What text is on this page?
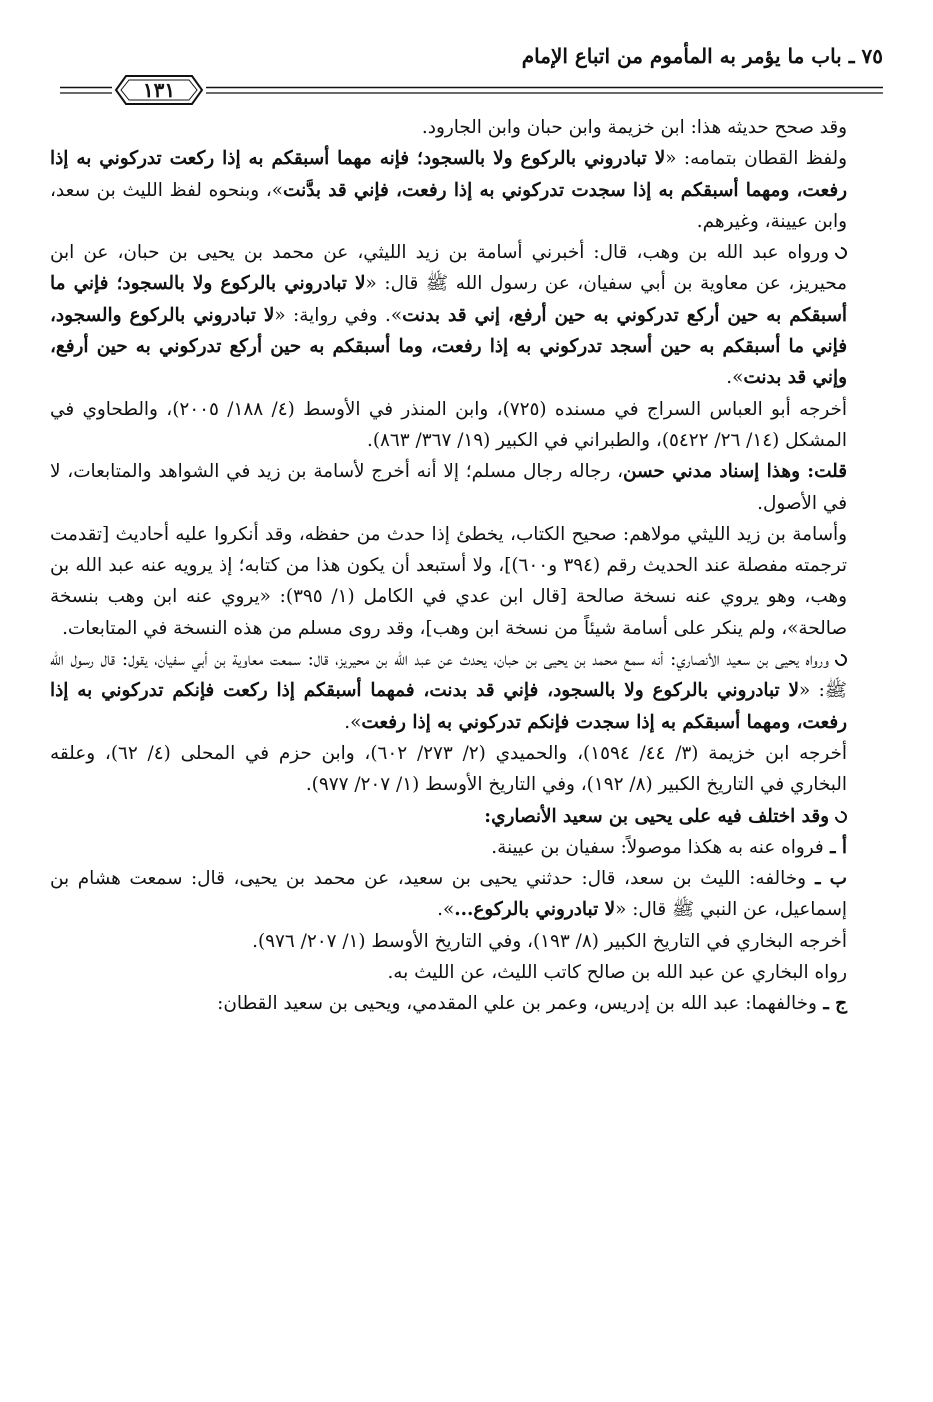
٧٥ ـ باب ما يؤمر به المأموم من اتباع الإمام
١٣١

وقد صحح حديثه هذا: ابن خزيمة وابن حبان وابن الجارود.

ولفظ القطان بتمامه: «لا تبادروني بالركوع ولا بالسجود؛ فإنه مهما أسبقكم به إذا ركعت تدركوني به إذا رفعت، ومهما أسبقكم به إذا سجدت تدركوني به إذا رفعت، فإني قد بدَّنت»، وبنحوه لفظ الليث بن سعد، وابن عيينة، وغيرهم.

ورواه عبد الله بن وهب، قال: أخبرني أسامة بن زيد الليثي، عن محمد بن يحيى بن حبان، عن ابن محيريز، عن معاوية بن أبي سفيان، عن رسول الله ﷺ قال: «لا تبادروني بالركوع ولا بالسجود؛ فإني ما أسبقكم به حين أركع تدركوني به حين أرفع، إني قد بدنت». وفي رواية: «لا تبادروني بالركوع والسجود، فإني ما أسبقكم به حين أسجد تدركوني به إذا رفعت، وما أسبقكم به حين أركع تدركوني به حين أرفع، وإني قد بدنت».

أخرجه أبو العباس السراج في مسنده (٧٢٥)، وابن المنذر في الأوسط (٤/ ١٨٨/ ٢٠٠٥)، والطحاوي في المشكل (١٤/ ٢٦/ ٥٤٢٢)، والطبراني في الكبير (١٩/ ٣٦٧/ ٨٦٣).

قلت: وهذا إسناد مدني حسن، رجاله رجال مسلم؛ إلا أنه أخرج لأسامة بن زيد في الشواهد والمتابعات، لا في الأصول.

وأسامة بن زيد الليثي مولاهم: صحيح الكتاب، يخطئ إذا حدث من حفظه، وقد أنكروا عليه أحاديث [تقدمت ترجمته مفصلة عند الحديث رقم (٣٩٤ و٦٠٠)]، ولا أستبعد أن يكون هذا من كتابه؛ إذ يرويه عنه عبد الله بن وهب، وهو يروي عنه نسخة صالحة [قال ابن عدي في الكامل (١/ ٣٩٥): «يروي عنه ابن وهب بنسخة صالحة»، ولم ينكر على أسامة شيئاً من نسخة ابن وهب]، وقد روى مسلم من هذه النسخة في المتابعات.

ورواه يحيى بن سعيد الأنصاري: أنه سمع محمد بن يحيى بن حبان، يحدث عن عبد الله بن محيريز، قال: سمعت معاوية بن أبي سفيان، يقول: قال رسول الله ﷺ: «لا تبادروني بالركوع ولا بالسجود، فإني قد بدنت، فمهما أسبقكم إذا ركعت فإنكم تدركوني به إذا رفعت، ومهما أسبقكم به إذا سجدت فإنكم تدركوني به إذا رفعت».

أخرجه ابن خزيمة (٣/ ٤٤/ ١٥٩٤)، والحميدي (٢/ ٢٧٣/ ٦٠٢)، وابن حزم في المحلى (٤/ ٦٢)، وعلقه البخاري في التاريخ الكبير (٨/ ١٩٢)، وفي التاريخ الأوسط (١/ ٢٠٧/ ٩٧٧).

وقد اختلف فيه على يحيى بن سعيد الأنصاري:

أ ـ فرواه عنه به هكذا موصولاً: سفيان بن عيينة.

ب ـ وخالفه: الليث بن سعد، قال: حدثني يحيى بن سعيد، عن محمد بن يحيى، قال: سمعت هشام بن إسماعيل، عن النبي ﷺ قال: «لا تبادروني بالركوع...».

أخرجه البخاري في التاريخ الكبير (٨/ ١٩٣)، وفي التاريخ الأوسط (١/ ٢٠٧/ ٩٧٦).

رواه البخاري عن عبد الله بن صالح كاتب الليث، عن الليث به.

ج ـ وخالفهما: عبد الله بن إدريس، وعمر بن علي المقدمي، ويحيى بن سعيد القطان:
